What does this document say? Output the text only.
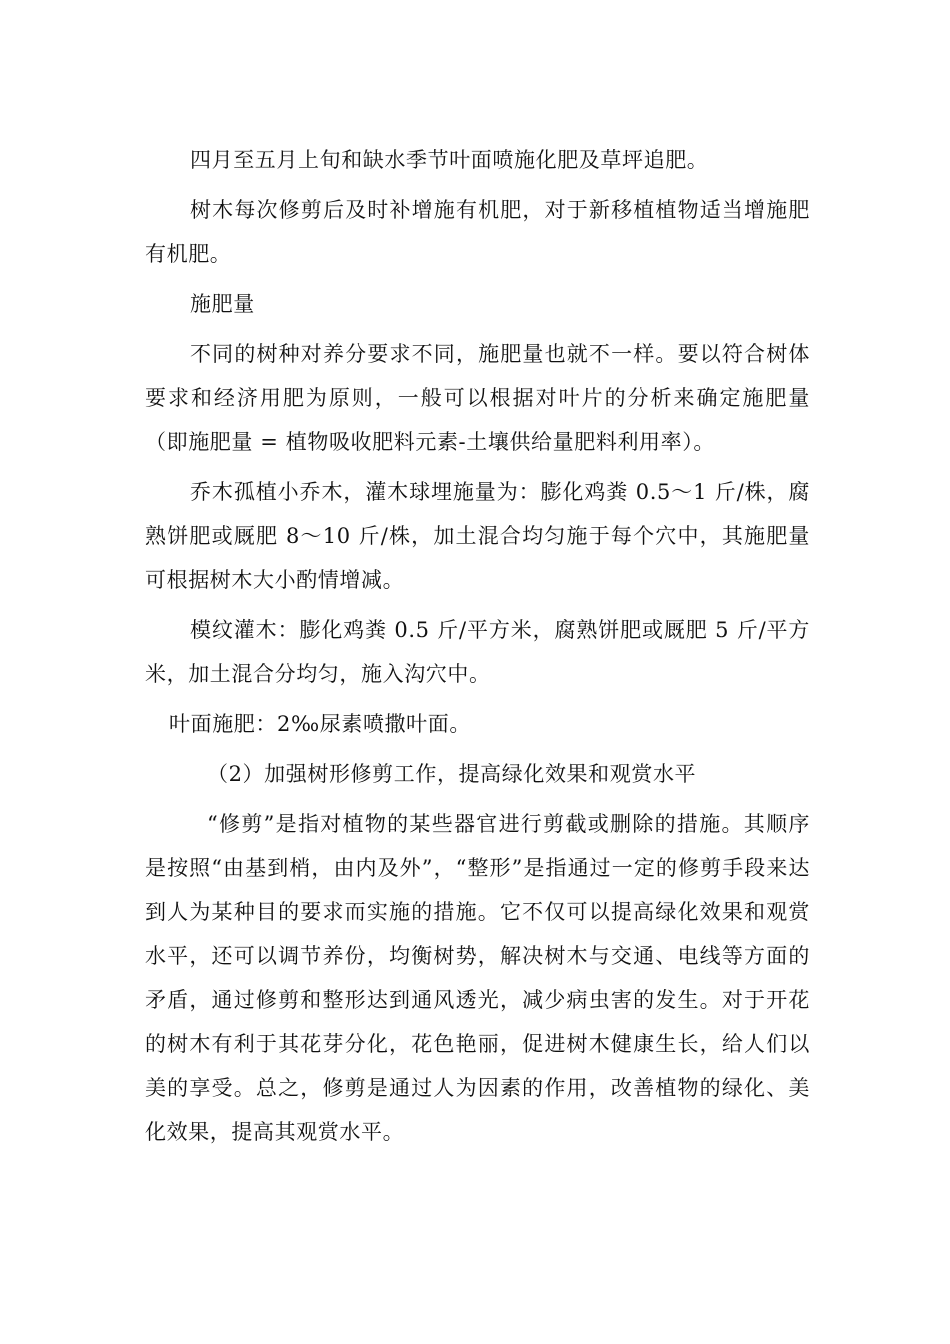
四月至五月上旬和缺水季节叶面喷施化肥及草坪追肥。

树木每次修剪后及时补增施有机肥，对于新移植植物适当增施肥有机肥。

施肥量

不同的树种对养分要求不同，施肥量也就不一样。要以符合树体要求和经济用肥为原则，一般可以根据对叶片的分析来确定施肥量（即施肥量 = 植物吸收肥料元素-土壤供给量肥料利用率）。

乔木孤植小乔木，灌木球埋施量为：膨化鸡粪 0.5～1 斤/株，腐熟饼肥或厩肥 8～10 斤/株，加土混合均匀施于每个穴中，其施肥量可根据树木大小酌情增减。

模纹灌木：膨化鸡粪 0.5 斤/平方米，腐熟饼肥或厩肥 5 斤/平方米，加土混合分均匀，施入沟穴中。

叶面施肥：2‰尿素喷撒叶面。

（2）加强树形修剪工作，提高绿化效果和观赏水平

“修剪”是指对植物的某些器官进行剪截或删除的措施。其顺序是按照“由基到梢，由内及外”，“整形”是指通过一定的修剪手段来达到人为某种目的要求而实施的措施。它不仅可以提高绿化效果和观赏水平，还可以调节养份，均衡树势，解决树木与交通、电线等方面的矛盾，通过修剪和整形达到通风透光，减少病虫害的发生。对于开花的树木有利于其花芽分化，花色艳丽，促进树木健康生长，给人们以美的享受。总之，修剪是通过人为因素的作用，改善植物的绿化、美化效果，提高其观赏水平。
